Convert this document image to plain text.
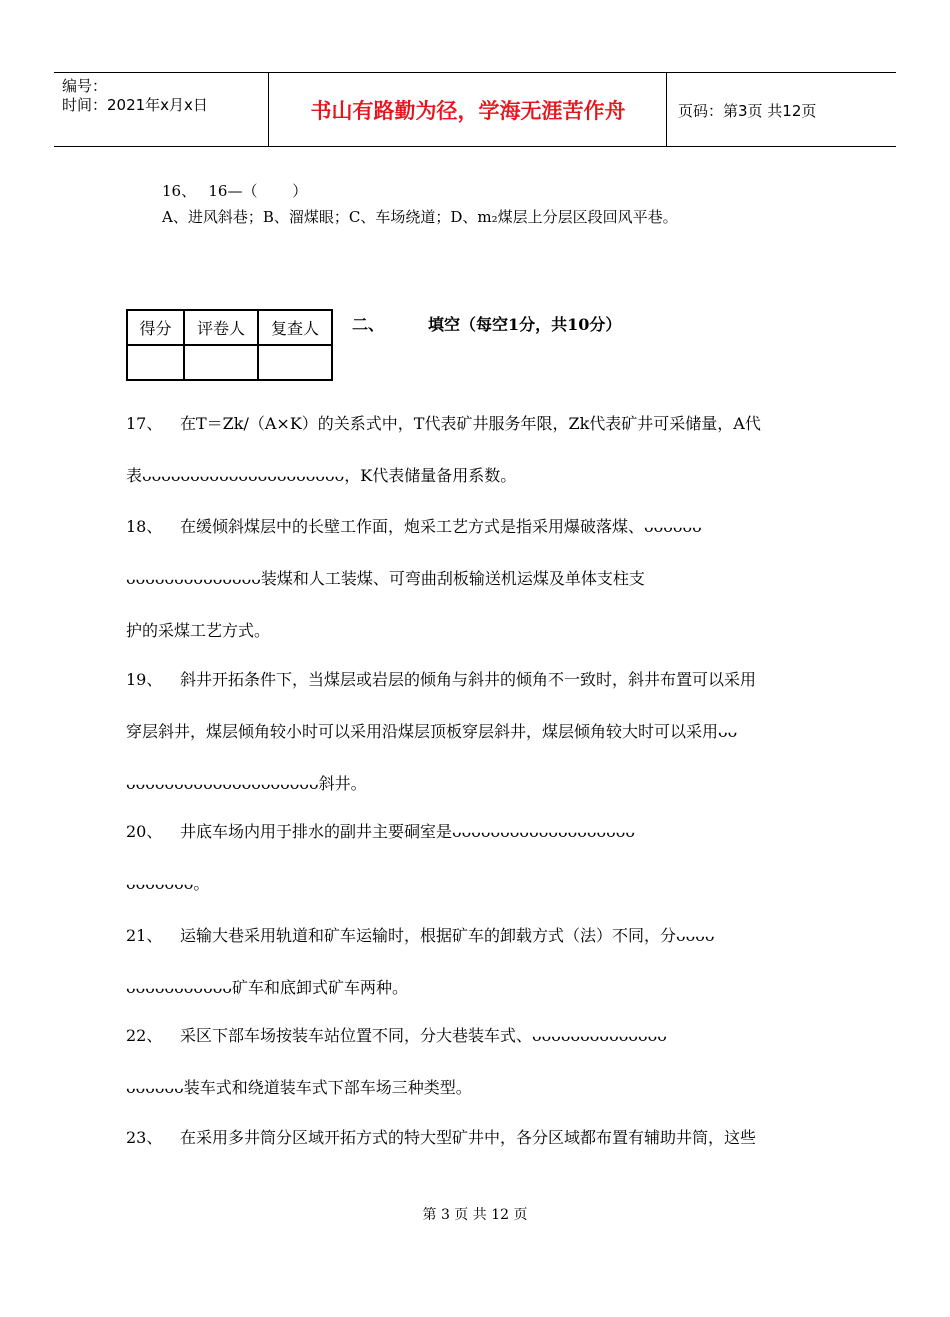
编号：
时间：2021年x月x日	书山有路勤为径，学海无涯苦作舟	页码：第3页 共12页
16、　 16—（　　 ）
A、进风斜巷；B、溜煤眼；C、车场绕道；D、m₂煤层上分层区段回风平巷。
得分	评卷人	复查人
		二、	填空（每空1分，共10分）
17、 在T＝Zk/（A×K）的关系式中，T代表矿井服务年限，Zk代表矿井可采储量，A代
表ᴗᴗᴗᴗᴗᴗᴗᴗᴗᴗᴗᴗᴗᴗᴗᴗᴗᴗᴗᴗᴗ，K代表储量备用系数。
18、 在缓倾斜煤层中的长壁工作面，炮采工艺方式是指采用爆破落煤、ᴗᴗᴗᴗᴗᴗ
ᴗᴗᴗᴗᴗᴗᴗᴗᴗᴗᴗᴗᴗᴗ装煤和人工装煤、可弯曲刮板输送机运煤及单体支柱支
护的采煤工艺方式。
19、 斜井开拓条件下，当煤层或岩层的倾角与斜井的倾角不一致时，斜井布置可以采用
穿层斜井，煤层倾角较小时可以采用沿煤层顶板穿层斜井，煤层倾角较大时可以采用ᴗᴗ
ᴗᴗᴗᴗᴗᴗᴗᴗᴗᴗᴗᴗᴗᴗᴗᴗᴗᴗᴗᴗ斜井。
20、 井底车场内用于排水的副井主要硐室是ᴗᴗᴗᴗᴗᴗᴗᴗᴗᴗᴗᴗᴗᴗᴗᴗᴗᴗᴗ
ᴗᴗᴗᴗᴗᴗᴗ。
21、 运输大巷采用轨道和矿车运输时，根据矿车的卸载方式（法）不同，分ᴗᴗᴗᴗ
ᴗᴗᴗᴗᴗᴗᴗᴗᴗᴗᴗ矿车和底卸式矿车两种。
22、 采区下部车场按装车站位置不同，分大巷装车式、ᴗᴗᴗᴗᴗᴗᴗᴗᴗᴗᴗᴗᴗᴗ
ᴗᴗᴗᴗᴗᴗ装车式和绕道装车式下部车场三种类型。
23、 在采用多井筒分区域开拓方式的特大型矿井中，各分区域都布置有辅助井筒，这些
第 3 页 共 12 页
